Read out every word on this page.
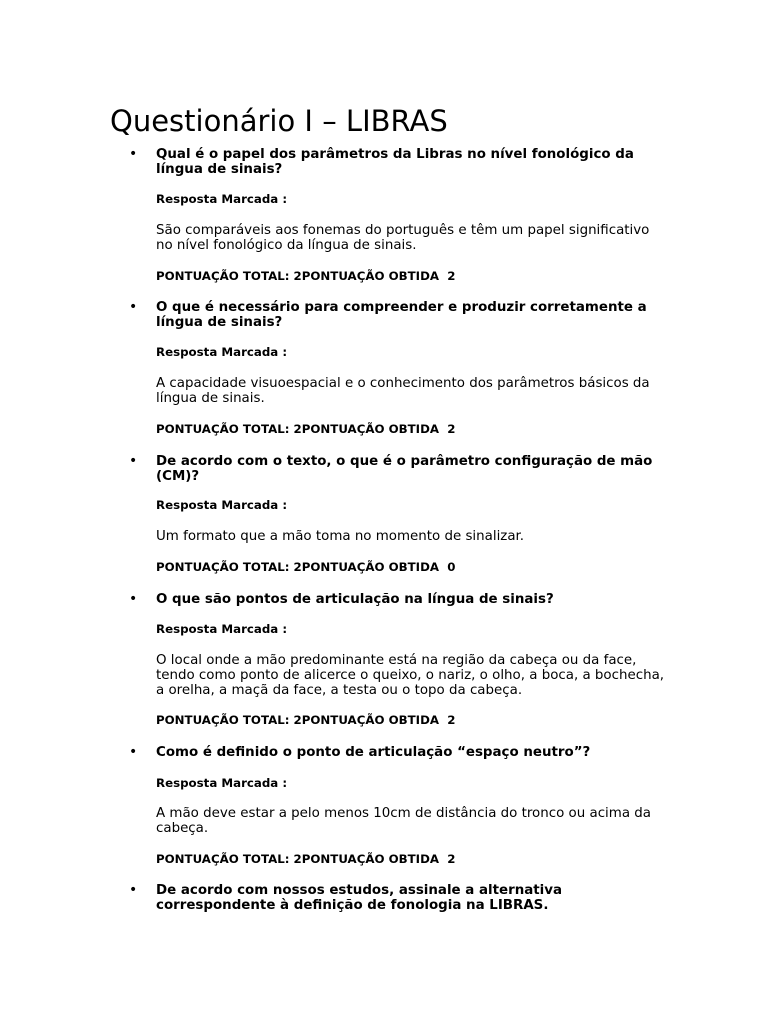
Questionário I – LIBRAS
• Qual é o papel dos parâmetros da Libras no nível fonológico da língua de sinais?

Resposta Marcada :
São comparáveis aos fonemas do português e têm um papel significativo no nível fonológico da língua de sinais.
PONTUAÇÃO TOTAL: 2PONTUAÇÃO OBTIDA  2
• O que é necessário para compreender e produzir corretamente a língua de sinais?

Resposta Marcada :
A capacidade visuoespacial e o conhecimento dos parâmetros básicos da língua de sinais.
PONTUAÇÃO TOTAL: 2PONTUAÇÃO OBTIDA  2
• De acordo com o texto, o que é o parâmetro configuração de mão (CM)?

Resposta Marcada :
Um formato que a mão toma no momento de sinalizar.
PONTUAÇÃO TOTAL: 2PONTUAÇÃO OBTIDA  0
• O que são pontos de articulação na língua de sinais?

Resposta Marcada :
O local onde a mão predominante está na região da cabeça ou da face, tendo como ponto de alicerce o queixo, o nariz, o olho, a boca, a bochecha, a orelha, a maçã da face, a testa ou o topo da cabeça.
PONTUAÇÃO TOTAL: 2PONTUAÇÃO OBTIDA  2
• Como é definido o ponto de articulação “espaço neutro”?

Resposta Marcada :
A mão deve estar a pelo menos 10cm de distância do tronco ou acima da cabeça.
PONTUAÇÃO TOTAL: 2PONTUAÇÃO OBTIDA  2
• De acordo com nossos estudos, assinale a alternativa correspondente à definição de fonologia na LIBRAS.
